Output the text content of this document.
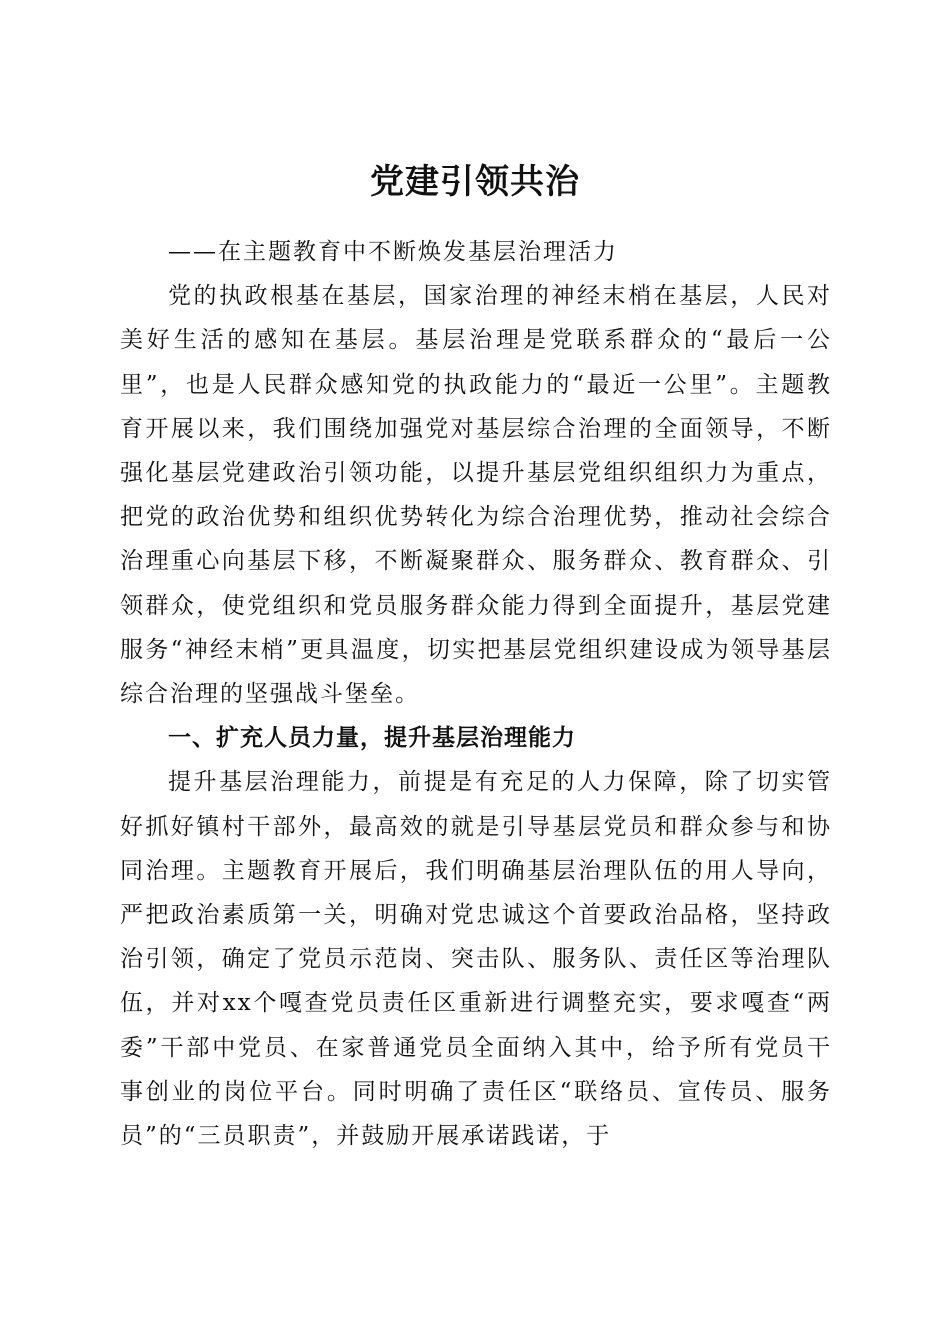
党建引领共治

——在主题教育中不断焕发基层治理活力

党的执政根基在基层，国家治理的神经末梢在基层，人民对美好生活的感知在基层。基层治理是党联系群众的“最后一公里”，也是人民群众感知党的执政能力的“最近一公里”。主题教育开展以来，我们围绕加强党对基层综合治理的全面领导，不断强化基层党建政治引领功能，以提升基层党组织组织力为重点，把党的政治优势和组织优势转化为综合治理优势，推动社会综合治理重心向基层下移，不断凝聚群众、服务群众、教育群众、引领群众，使党组织和党员服务群众能力得到全面提升，基层党建服务“神经末梢”更具温度，切实把基层党组织建设成为领导基层综合治理的坚强战斗堡垒。

一、扩充人员力量，提升基层治理能力

提升基层治理能力，前提是有充足的人力保障，除了切实管好抓好镇村干部外，最高效的就是引导基层党员和群众参与和协同治理。主题教育开展后，我们明确基层治理队伍的用人导向，严把政治素质第一关，明确对党忠诚这个首要政治品格，坚持政治引领，确定了党员示范岗、突击队、服务队、责任区等治理队伍，并对xx个嘎查党员责任区重新进行调整充实，要求嘎查“两委”干部中党员、在家普通党员全面纳入其中，给予所有党员干事创业的岗位平台。同时明确了责任区“联络员、宣传员、服务员”的“三员职责”，并鼓励开展承诺践诺，于
